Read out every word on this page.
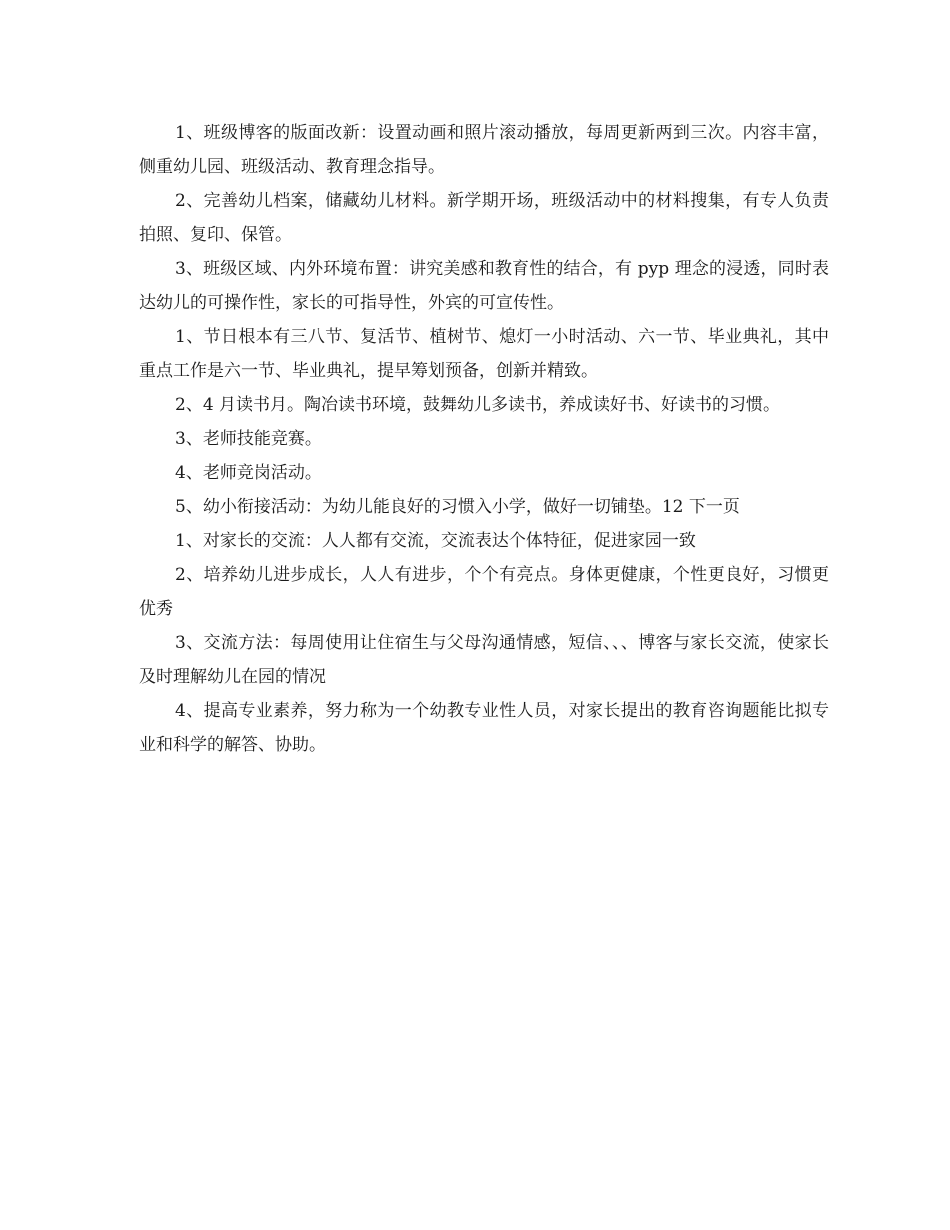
1、班级博客的版面改新：设置动画和照片滚动播放，每周更新两到三次。内容丰富，侧重幼儿园、班级活动、教育理念指导。

2、完善幼儿档案，储藏幼儿材料。新学期开场，班级活动中的材料搜集，有专人负责拍照、复印、保管。

3、班级区域、内外环境布置：讲究美感和教育性的结合，有 pyp 理念的浸透，同时表达幼儿的可操作性，家长的可指导性，外宾的可宣传性。

1、节日根本有三八节、复活节、植树节、熄灯一小时活动、六一节、毕业典礼，其中重点工作是六一节、毕业典礼，提早筹划预备，创新并精致。

2、4 月读书月。陶冶读书环境，鼓舞幼儿多读书，养成读好书、好读书的习惯。

3、老师技能竞赛。

4、老师竞岗活动。

5、幼小衔接活动：为幼儿能良好的习惯入小学，做好一切铺垫。12 下一页

1、对家长的交流：人人都有交流，交流表达个体特征，促进家园一致

2、培养幼儿进步成长，人人有进步，个个有亮点。身体更健康，个性更良好，习惯更优秀

3、交流方法：每周使用让住宿生与父母沟通情感，短信、、、博客与家长交流，使家长及时理解幼儿在园的情况

4、提高专业素养，努力称为一个幼教专业性人员，对家长提出的教育咨询题能比拟专业和科学的解答、协助。
